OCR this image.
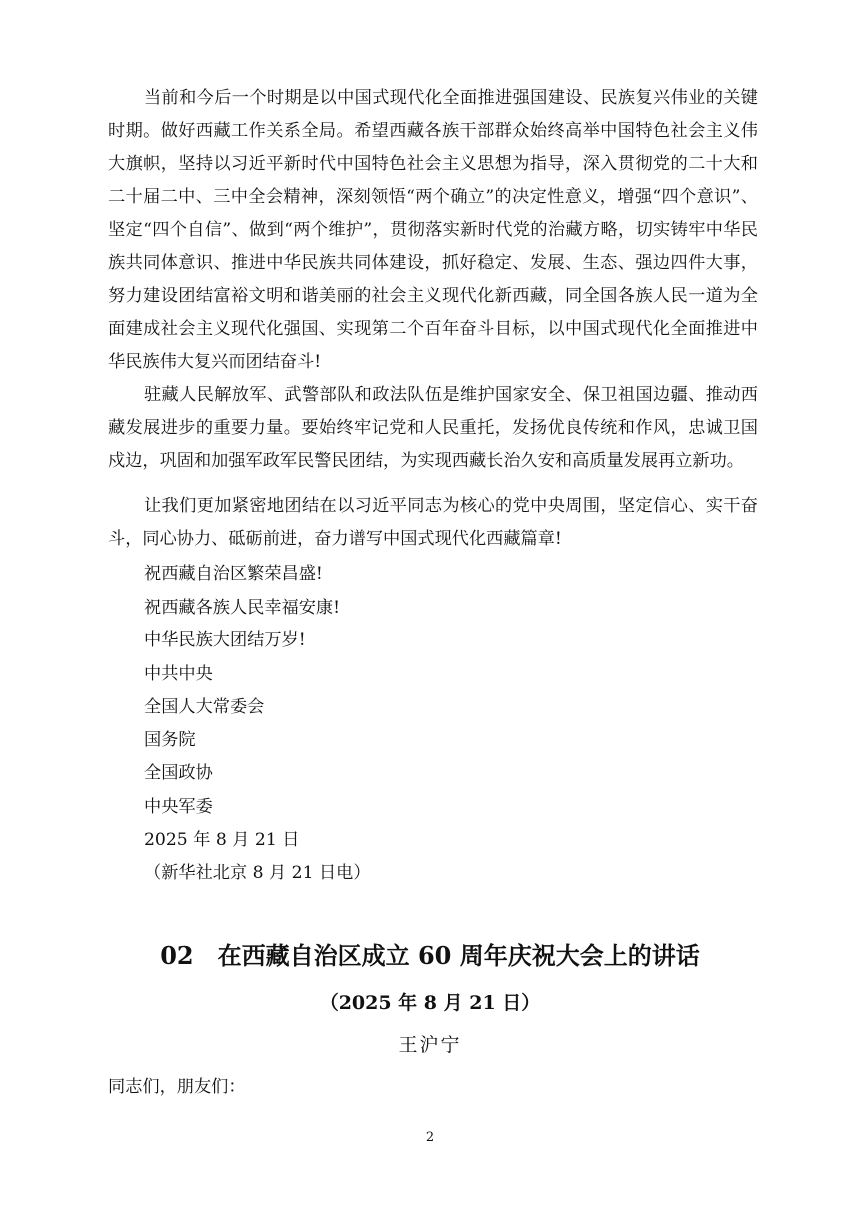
当前和今后一个时期是以中国式现代化全面推进强国建设、民族复兴伟业的关键时期。做好西藏工作关系全局。希望西藏各族干部群众始终高举中国特色社会主义伟大旗帜，坚持以习近平新时代中国特色社会主义思想为指导，深入贯彻党的二十大和二十届二中、三中全会精神，深刻领悟“两个确立”的决定性意义，增强“四个意识”、坚定“四个自信”、做到“两个维护”，贯彻落实新时代党的治藏方略，切实铸牢中华民族共同体意识、推进中华民族共同体建设，抓好稳定、发展、生态、强边四件大事，努力建设团结富裕文明和谐美丽的社会主义现代化新西藏，同全国各族人民一道为全面建成社会主义现代化强国、实现第二个百年奋斗目标，以中国式现代化全面推进中华民族伟大复兴而团结奋斗!

驻藏人民解放军、武警部队和政法队伍是维护国家安全、保卫祖国边疆、推动西藏发展进步的重要力量。要始终牢记党和人民重托，发扬优良传统和作风，忠诚卫国戍边，巩固和加强军政军民警民团结，为实现西藏长治久安和高质量发展再立新功。

让我们更加紧密地团结在以习近平同志为核心的党中央周围，坚定信心、实干奋斗，同心协力、砥砺前进，奋力谱写中国式现代化西藏篇章!

祝西藏自治区繁荣昌盛!

祝西藏各族人民幸福安康!

中华民族大团结万岁!

中共中央

全国人大常委会

国务院

全国政协

中央军委

2025 年 8 月 21 日

（新华社北京 8 月 21 日电）

02　在西藏自治区成立 60 周年庆祝大会上的讲话

（2025 年 8 月 21 日）

王沪宁

同志们，朋友们：

2
